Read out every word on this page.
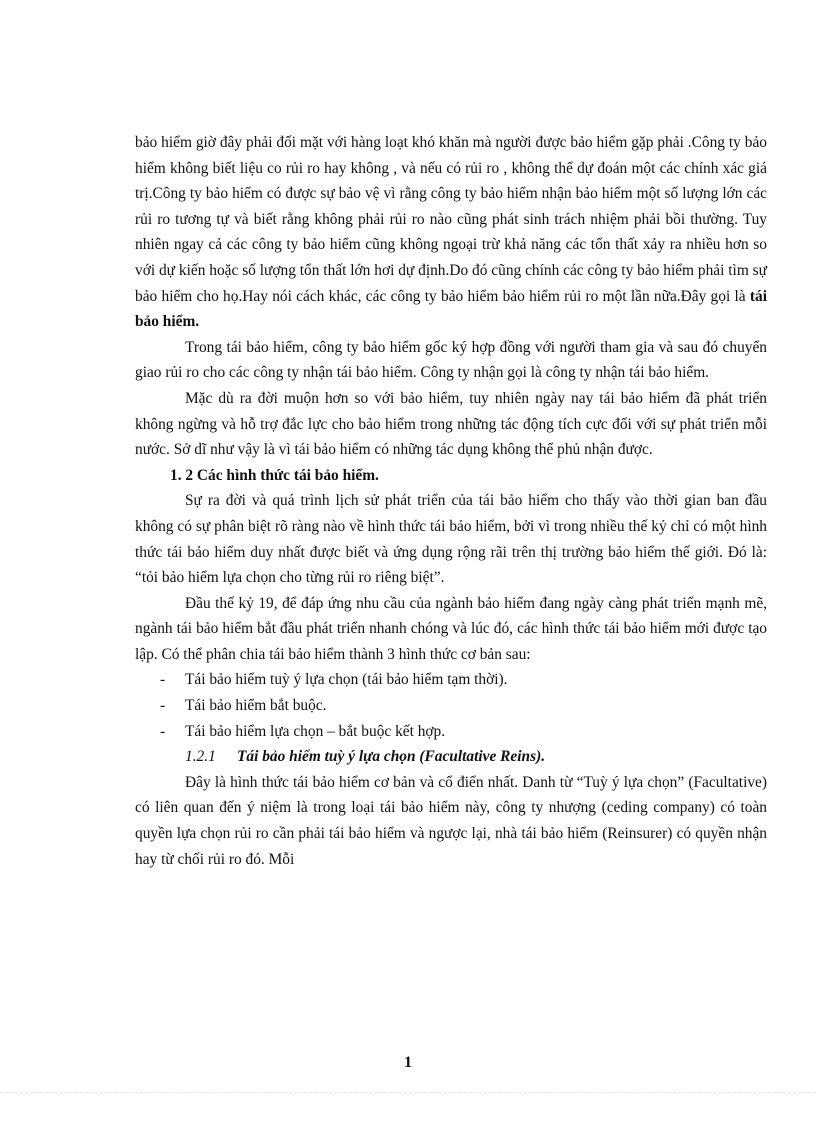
bảo hiểm giờ đây phải đối mặt với hàng loạt khó khăn mà người được bảo hiểm gặp phải .Công ty bảo hiểm không biết liệu co rủi ro hay không , và nếu có rủi ro , không thể dự đoán một các chính xác giá trị.Công ty bảo hiểm có được sự bảo vệ vì rằng công ty bảo hiểm nhận bảo hiểm một số lượng lớn các rủi ro tương tự và biết rằng không phải rủi ro nào cũng phát sinh trách nhiệm phải bồi thường. Tuy nhiên ngay cả các công ty bảo hiểm cũng không ngoại trừ khả năng các tổn thất xảy ra nhiều hơn so với dự kiến hoặc số lượng tổn thất lớn hơi dự định.Do đó cũng chính các công ty bảo hiểm phải tìm sự bảo hiểm cho họ.Hay nói cách khác, các công ty bảo hiểm bảo hiểm rủi ro một lần nữa.Đây gọi là tái bảo hiểm.

Trong tái bảo hiểm, công ty bảo hiểm gốc ký hợp đồng với người tham gia và sau đó chuyển giao rủi ro cho các công ty nhận tái bảo hiểm. Công ty nhận gọi là công ty nhận tái bảo hiểm.

Mặc dù ra đời muộn hơn so với bảo hiểm, tuy nhiên ngày nay tái bảo hiểm đã phát triển không ngừng và hỗ trợ đắc lực cho bảo hiểm trong những tác động tích cực đối với sự phát triển mỗi nước. Sở dĩ như vậy là vì tái bảo hiểm có những tác dụng không thể phủ nhận được.

1. 2 Các hình thức tái bảo hiểm.

Sự ra đời và quá trình lịch sử phát triển của tái bảo hiểm cho thấy vào thời gian ban đầu không có sự phân biệt rõ ràng nào về hình thức tái bảo hiểm, bởi vì trong nhiều thế kỷ chỉ có một hình thức tái bảo hiểm duy nhất được biết và ứng dụng rộng rãi trên thị trường bảo hiểm thế giới. Đó là: “tỏi bảo hiểm lựa chọn cho từng rủi ro riêng biệt”.

Đầu thế kỷ 19, để đáp ứng nhu cầu của ngành bảo hiểm đang ngày càng phát triển mạnh mẽ, ngành tái bảo hiểm bắt đầu phát triển nhanh chóng và lúc đó, các hình thức tái bảo hiểm mới được tạo lập. Có thể phân chia tái bảo hiểm thành 3 hình thức cơ bản sau:

- Tái bảo hiểm tuỳ ý lựa chọn (tái bảo hiểm tạm thời).
- Tái bảo hiểm bắt buộc.
- Tái bảo hiểm lựa chọn – bắt buộc kết hợp.

1.2.1 Tái bảo hiểm tuỳ ý lựa chọn (Facultative Reins).

Đây là hình thức tái bảo hiểm cơ bản và cổ điển nhất. Danh từ “Tuỳ ý lựa chọn” (Facultative) có liên quan đến ý niệm là trong loại tái bảo hiểm này, công ty nhượng (ceding company) có toàn quyền lựa chọn rủi ro cần phải tái bảo hiểm và ngược lại, nhà tái bảo hiểm (Reinsurer) có quyền nhận hay từ chối rủi ro đó. Mỗi

1
